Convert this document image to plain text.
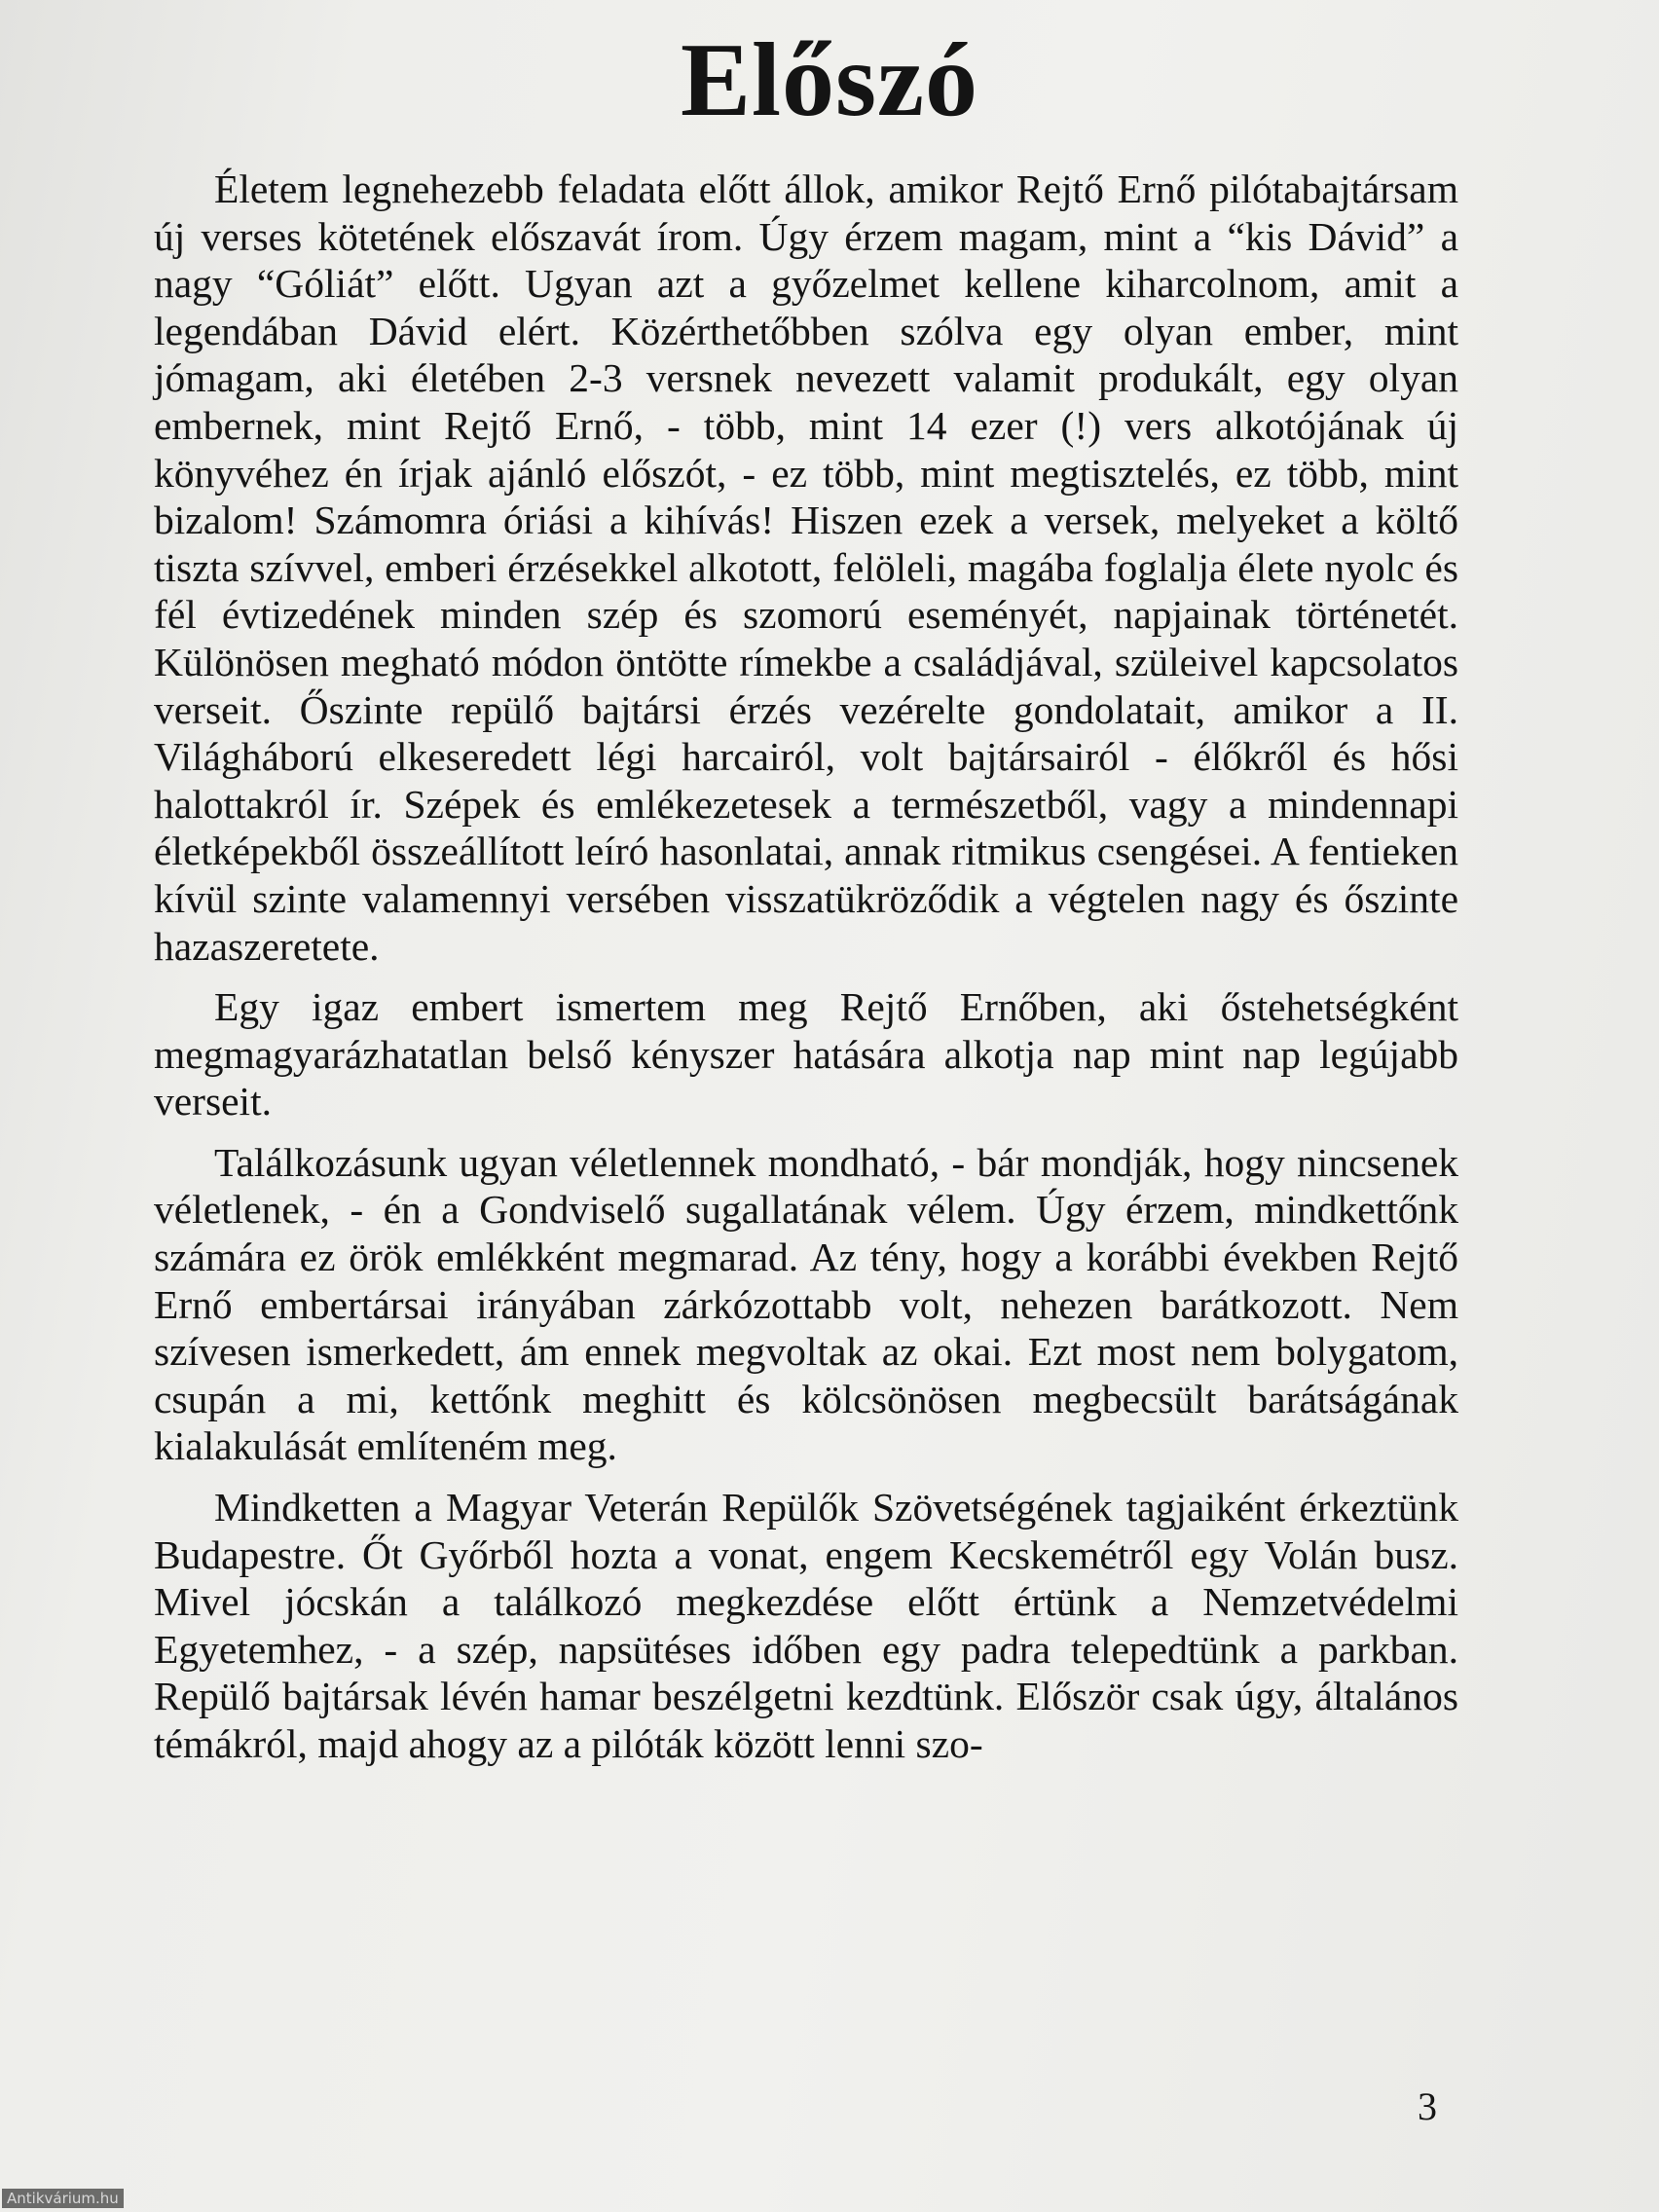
Előszó

Életem legnehezebb feladata előtt állok, amikor Rejtő Ernő pilótabajtársam új verses kötetének előszavát írom. Úgy érzem magam, mint a “kis Dávid” a nagy “Góliát” előtt. Ugyan azt a győzelmet kellene kiharcolnom, amit a legendában Dávid elért. Közérthetőbben szólva egy olyan ember, mint jómagam, aki életében 2-3 versnek nevezett valamit produkált, egy olyan embernek, mint Rejtő Ernő, - több, mint 14 ezer (!) vers alkotójának új könyvéhez én írjak ajánló előszót, - ez több, mint megtisztelés, ez több, mint bizalom! Számomra óriási a kihívás! Hiszen ezek a versek, melyeket a költő tiszta szívvel, emberi érzésekkel alkotott, felöleli, magába foglalja élete nyolc és fél évtizedének minden szép és szomorú eseményét, napjainak történetét. Különösen megható módon öntötte rímekbe a családjával, szüleivel kapcsolatos verseit. Őszinte repülő bajtársi érzés vezérelte gondolatait, amikor a II. Világháború elkeseredett légi harcairól, volt bajtársairól - élőkről és hősi halottakról ír. Szépek és emlékezetesek a természetből, vagy a mindennapi életképekből összeállított leíró hasonlatai, annak ritmikus csengései. A fentieken kívül szinte valamennyi versében visszatükröződik a végtelen nagy és őszinte hazaszeretete.

Egy igaz embert ismertem meg Rejtő Ernőben, aki őstehetségként megmagyarázhatatlan belső kényszer hatására alkotja nap mint nap legújabb verseit.

Találkozásunk ugyan véletlennek mondható, - bár mondják, hogy nincsenek véletlenek, - én a Gondviselő sugallatának vélem. Úgy érzem, mindkettőnk számára ez örök emlékként megmarad. Az tény, hogy a korábbi években Rejtő Ernő embertársai irányában zárkózottabb volt, nehezen barátkozott. Nem szívesen ismerkedett, ám ennek megvoltak az okai. Ezt most nem bolygatom, csupán a mi, kettőnk meghitt és kölcsönösen megbecsült barátságának kialakulását említeném meg.

Mindketten a Magyar Veterán Repülők Szövetségének tagjaiként érkeztünk Budapestre. Őt Győrből hozta a vonat, engem Kecskemétről egy Volán busz. Mivel jócskán a találkozó megkezdése előtt értünk a Nemzetvédelmi Egyetemhez, - a szép, napsütéses időben egy padra telepedtünk a parkban. Repülő bajtársak lévén hamar beszélgetni kezdtünk. Először csak úgy, általános témákról, majd ahogy az a pilóták között lenni szo-

3

Antikvárium.hu
